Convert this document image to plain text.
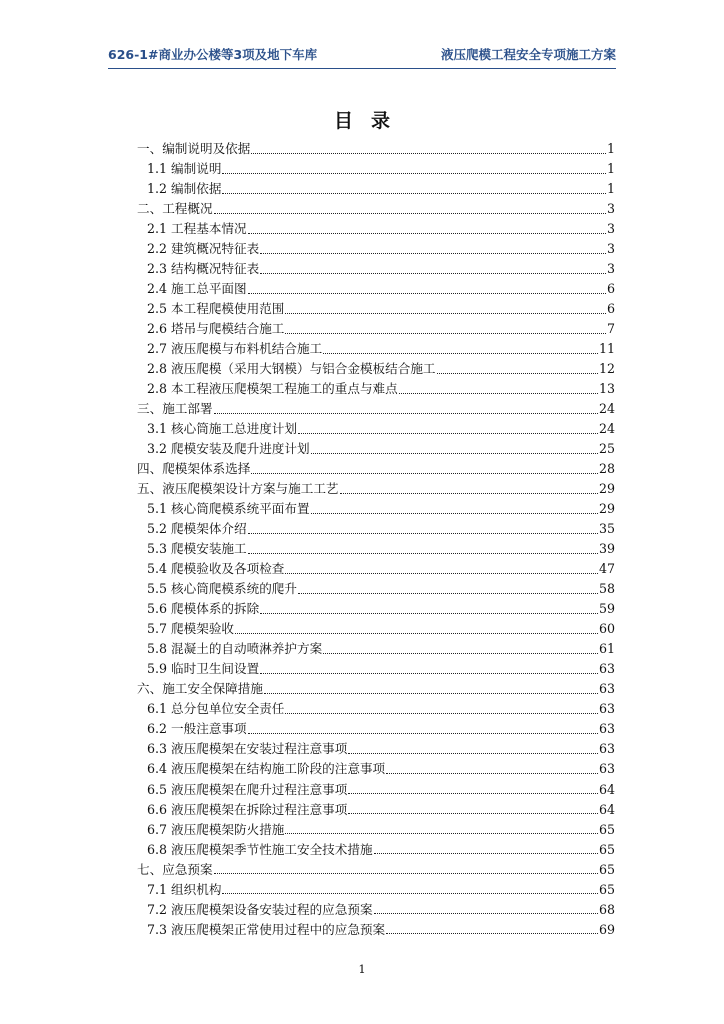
626-1#商业办公楼等3项及地下车库	液压爬模工程安全专项施工方案
目录
一、编制说明及依据	1
1.1 编制说明	1
1.2 编制依据	1
二、工程概况	3
2.1 工程基本情况	3
2.2 建筑概况特征表	3
2.3 结构概况特征表	3
2.4 施工总平面图	6
2.5 本工程爬模使用范围	6
2.6 塔吊与爬模结合施工	7
2.7 液压爬模与布料机结合施工	11
2.8 液压爬模（采用大钢模）与铝合金模板结合施工	12
2.8 本工程液压爬模架工程施工的重点与难点	13
三、施工部署	24
3.1 核心筒施工总进度计划	24
3.2 爬模安装及爬升进度计划	25
四、爬模架体系选择	28
五、液压爬模架设计方案与施工工艺	29
5.1 核心筒爬模系统平面布置	29
5.2 爬模架体介绍	35
5.3 爬模安装施工	39
5.4 爬模验收及各项检查	47
5.5 核心筒爬模系统的爬升	58
5.6 爬模体系的拆除	59
5.7 爬模架验收	60
5.8 混凝土的自动喷淋养护方案	61
5.9 临时卫生间设置	63
六、施工安全保障措施	63
6.1 总分包单位安全责任	63
6.2 一般注意事项	63
6.3 液压爬模架在安装过程注意事项	63
6.4 液压爬模架在结构施工阶段的注意事项	63
6.5 液压爬模架在爬升过程注意事项	64
6.6 液压爬模架在拆除过程注意事项	64
6.7 液压爬模架防火措施	65
6.8 液压爬模架季节性施工安全技术措施	65
七、应急预案	65
7.1 组织机构	65
7.2 液压爬模架设备安装过程的应急预案	68
7.3 液压爬模架正常使用过程中的应急预案	69
1
